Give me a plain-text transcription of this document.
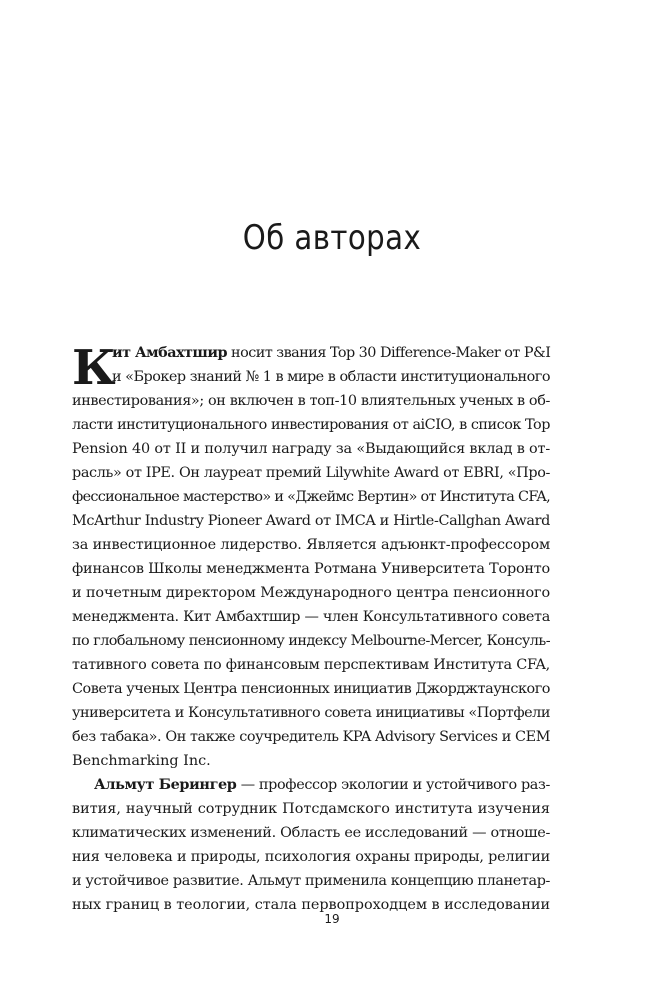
Об авторах
К
ит Амбахтшир носит звания Top 30 Difference-Maker от P&I
и «Брокер знаний № 1 в мире в области институционального
инвестирования»; он включен в топ-10 влиятельных ученых в об-
ласти институционального инвестирования от aiCIO, в список Top
Pension 40 от II и получил награду за «Выдающийся вклад в от-
расль» от IPE. Он лауреат премий Lilywhite Award от EBRI, «Про-
фессиональное мастерство» и «Джеймс Вертин» от Института CFA,
McArthur Industry Pioneer Award от IMCA и Hirtle-Callghan Award
за инвестиционное лидерство. Является адъюнкт-профессором
финансов Школы менеджмента Ротмана Университета Торонто
и почетным директором Международного центра пенсионного
менеджмента. Кит Амбахтшир — член Консультативного совета
по глобальному пенсионному индексу Melbourne-Mercer, Консуль-
тативного совета по финансовым перспективам Института CFA,
Совета ученых Центра пенсионных инициатив Джорджтаунского
университета и Консультативного совета инициативы «Портфели
без табака». Он также соучредитель KPA Advisory Services и CEM
Benchmarking Inc.
Альмут Берингер — профессор экологии и устойчивого раз-
вития, научный сотрудник Потсдамского института изучения
климатических изменений. Область ее исследований — отноше-
ния человека и природы, психология охраны природы, религии
и устойчивое развитие. Альмут применила концепцию планетар-
ных границ в теологии, стала первопроходцем в исследовании
19
